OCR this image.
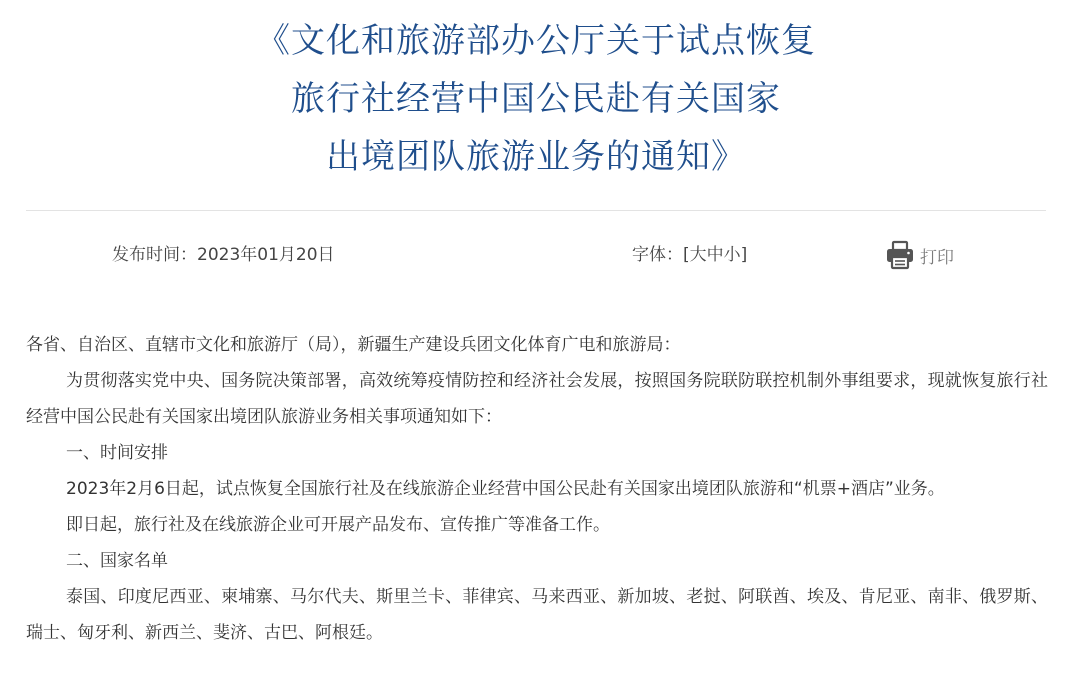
《文化和旅游部办公厅关于试点恢复
旅行社经营中国公民赴有关国家
出境团队旅游业务的通知》
发布时间：2023年01月20日	字体：[大中小]	打印

各省、自治区、直辖市文化和旅游厅（局），新疆生产建设兵团文化体育广电和旅游局：

为贯彻落实党中央、国务院决策部署，高效统筹疫情防控和经济社会发展，按照国务院联防联控机制外事组要求，现就恢复旅行社经营中国公民赴有关国家出境团队旅游业务相关事项通知如下：

一、时间安排

2023年2月6日起，试点恢复全国旅行社及在线旅游企业经营中国公民赴有关国家出境团队旅游和“机票+酒店”业务。

即日起，旅行社及在线旅游企业可开展产品发布、宣传推广等准备工作。

二、国家名单

泰国、印度尼西亚、柬埔寨、马尔代夫、斯里兰卡、菲律宾、马来西亚、新加坡、老挝、阿联酋、埃及、肯尼亚、南非、俄罗斯、瑞士、匈牙利、新西兰、斐济、古巴、阿根廷。
